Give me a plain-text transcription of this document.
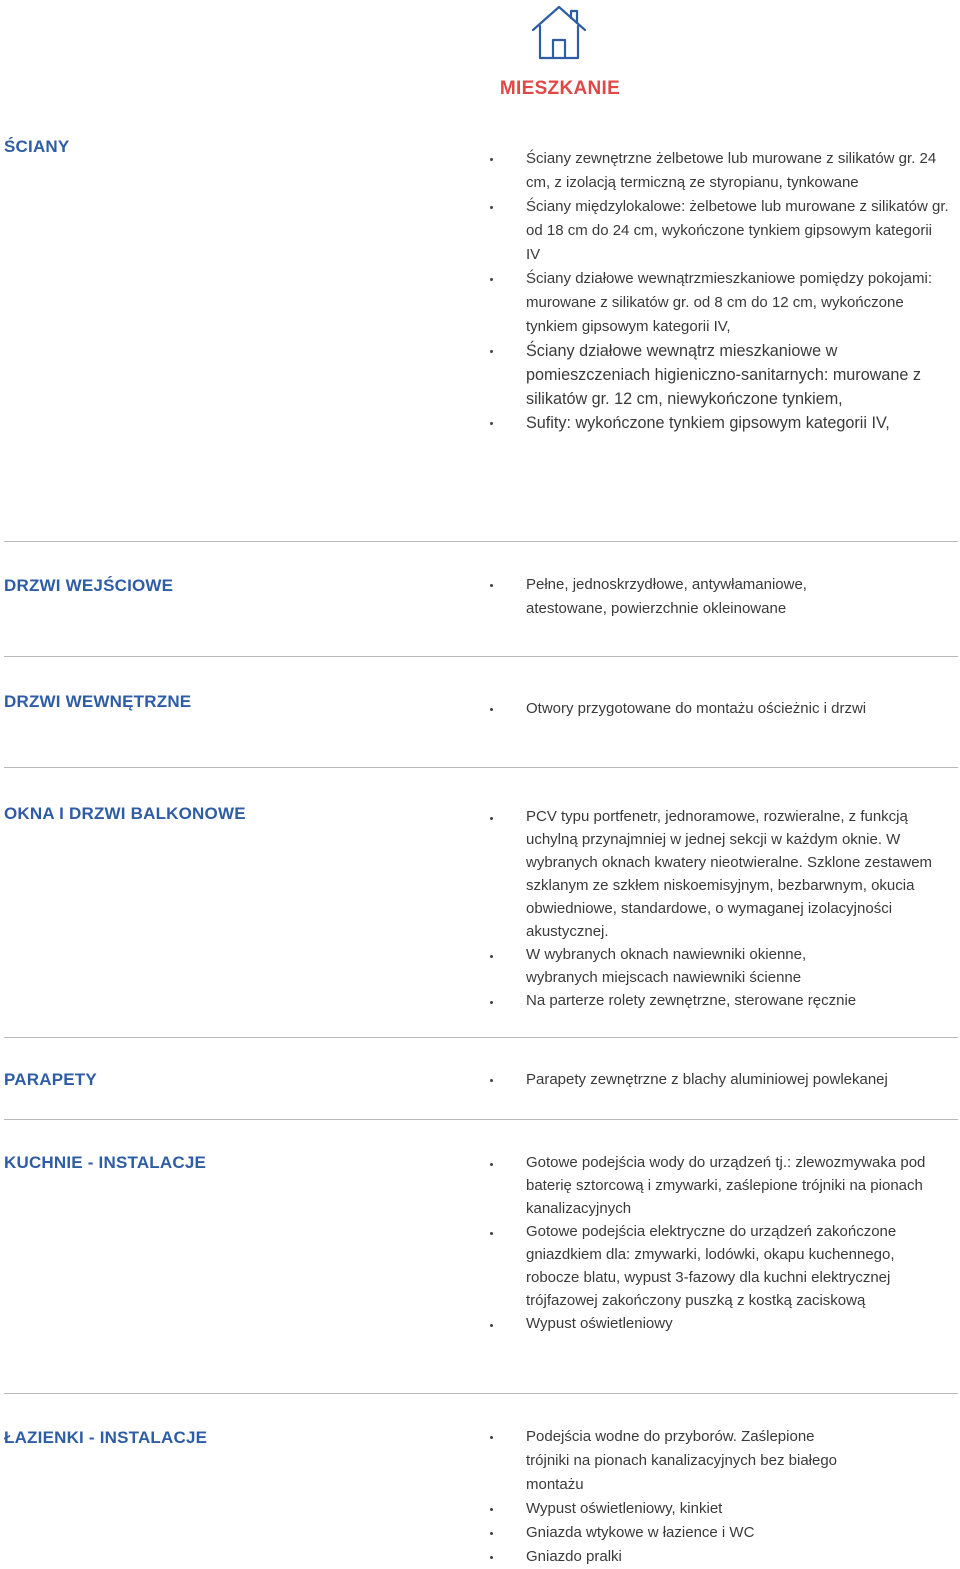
MIESZKANIE
ŚCIANY
Ściany zewnętrzne żelbetowe lub murowane z silikatów gr. 24 cm, z izolacją termiczną ze styropianu, tynkowane
Ściany międzylokalowe: żelbetowe lub murowane z silikatów gr. od 18 cm do 24 cm, wykończone tynkiem gipsowym kategorii IV
Ściany działowe wewnątrzmieszkaniowe pomiędzy pokojami: murowane z silikatów gr. od 8 cm do 12 cm, wykończone tynkiem gipsowym kategorii IV,
Ściany działowe wewnątrz mieszkaniowe w pomieszczeniach higieniczno-sanitarnych: murowane z silikatów gr. 12 cm, niewykończone tynkiem,
Sufity: wykończone tynkiem gipsowym kategorii IV,
DRZWI WEJŚCIOWE	Pełne, jednoskrzydłowe, antywłamaniowe, atestowane, powierzchnie okleinowane
DRZWI WEWNĘTRZNE	Otwory przygotowane do montażu ościeżnic i drzwi
OKNA I DRZWI BALKONOWE	PCV typu portfenetr, jednoramowe, rozwieralne, z funkcją uchylną przynajmniej w jednej sekcji w każdym oknie. W wybranych oknach kwatery nieotwieralne. Szklone zestawem szklanym ze szkłem niskoemisyjnym, bezbarwnym, okucia obwiedniowe, standardowe, o wymaganej izolacyjności akustycznej.
W wybranych oknach nawiewniki okienne, wybranych miejscach nawiewniki ścienne
Na parterze rolety zewnętrzne, sterowane ręcznie
PARAPETY	Parapety zewnętrzne z blachy aluminiowej powlekanej
KUCHNIE - INSTALACJE	Gotowe podejścia wody do urządzeń tj.: zlewozmywaka pod baterię sztorcową i zmywarki, zaślepione trójniki na pionach kanalizacyjnych
Gotowe podejścia elektryczne do urządzeń zakończone gniazdkiem dla: zmywarki, lodówki, okapu kuchennego, robocze blatu, wypust 3-fazowy dla kuchni elektrycznej trójfazowej zakończony puszką z kostką zaciskową
Wypust oświetleniowy
ŁAZIENKI - INSTALACJE	Podejścia wodne do przyborów. Zaślepione trójniki na pionach kanalizacyjnych bez białego montażu
Wypust oświetleniowy, kinkiet
Gniazda wtykowe w łazience i WC
Gniazdo pralki
